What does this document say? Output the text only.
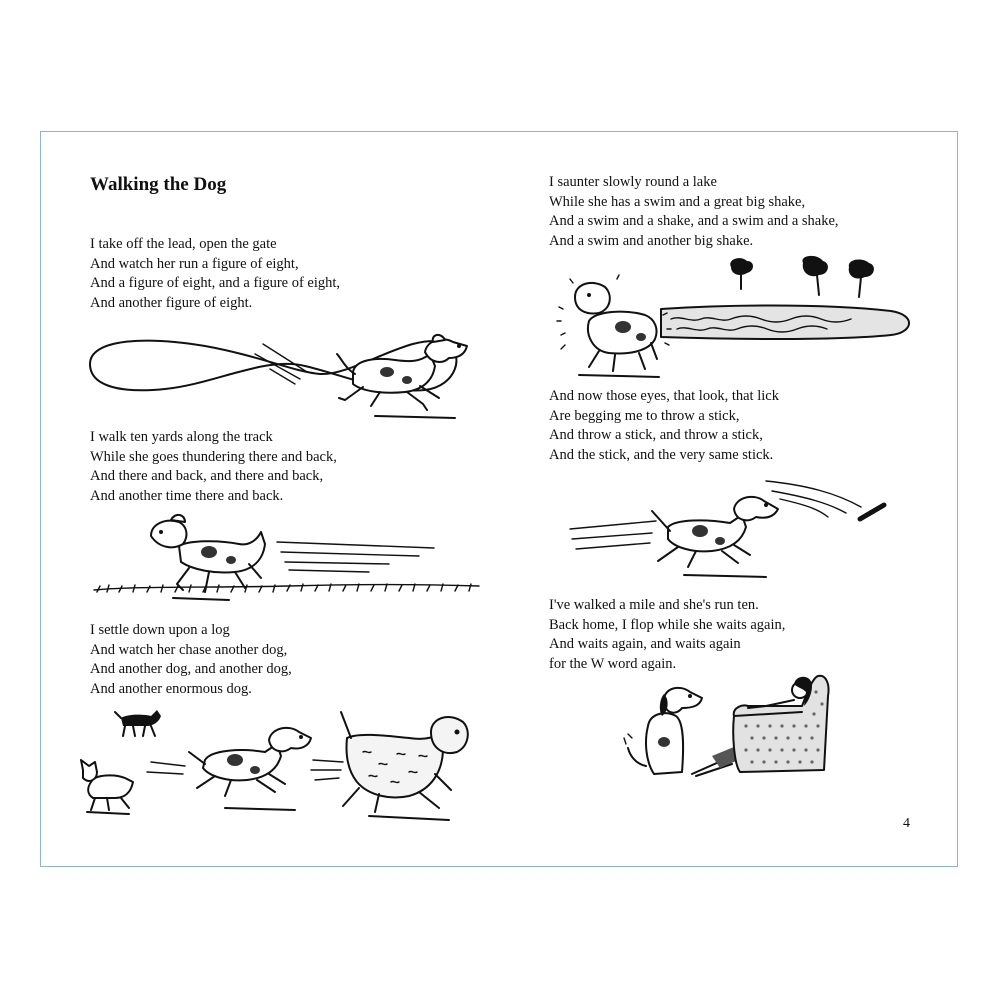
Walking the Dog
I take off the lead, open the gate
And watch her run a figure of eight,
And a figure of eight, and a figure of eight,
And another figure of eight.
I walk ten yards along the track
While she goes thundering there and back,
And there and back, and there and back,
And another time there and back.
I settle down upon a log
And watch her chase another dog,
And another dog, and another dog,
And another enormous dog.
I saunter slowly round a lake
While she has a swim and a great big shake,
And a swim and a shake, and a swim and a shake,
And a swim and another big shake.
And now those eyes, that look, that lick
Are begging me to throw a stick,
And throw a stick, and throw a stick,
And the stick, and the very same stick.
I've walked a mile and she's run ten.
Back home, I flop while she waits again,
And waits again, and waits again
for the W word again.
4
